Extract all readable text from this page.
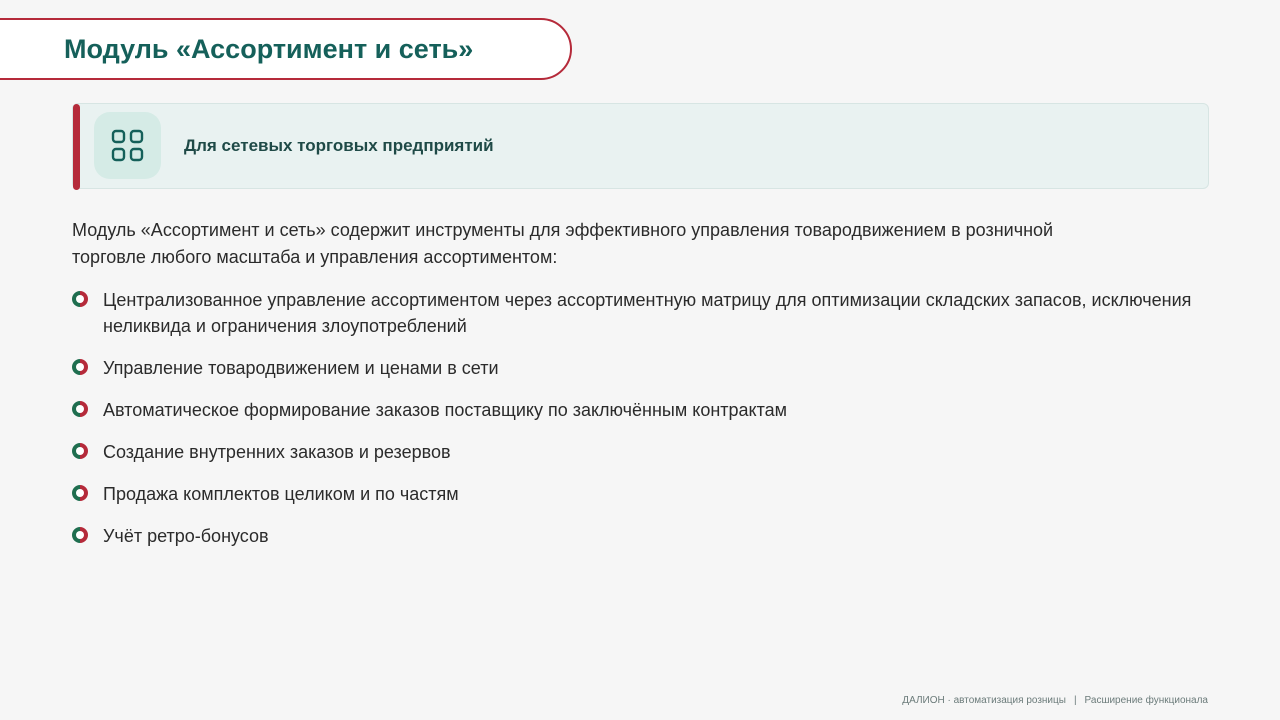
Модуль «Ассортимент и сеть»
Для сетевых торговых предприятий

Модуль «Ассортимент и сеть» содержит инструменты для эффективного управления товародвижением в розничной торговле любого масштаба и управления ассортиментом:

Централизованное управление ассортиментом через ассортиментную матрицу для оптимизации складских запасов, исключения неликвида и ограничения злоупотреблений
Управление товародвижением и ценами в сети
Автоматическое формирование заказов поставщику по заключённым контрактам
Создание внутренних заказов и резервов
Продажа комплектов целиком и по частям
Учёт ретро-бонусов
ДАЛИОН · автоматизация розницы | Расширение функционала
